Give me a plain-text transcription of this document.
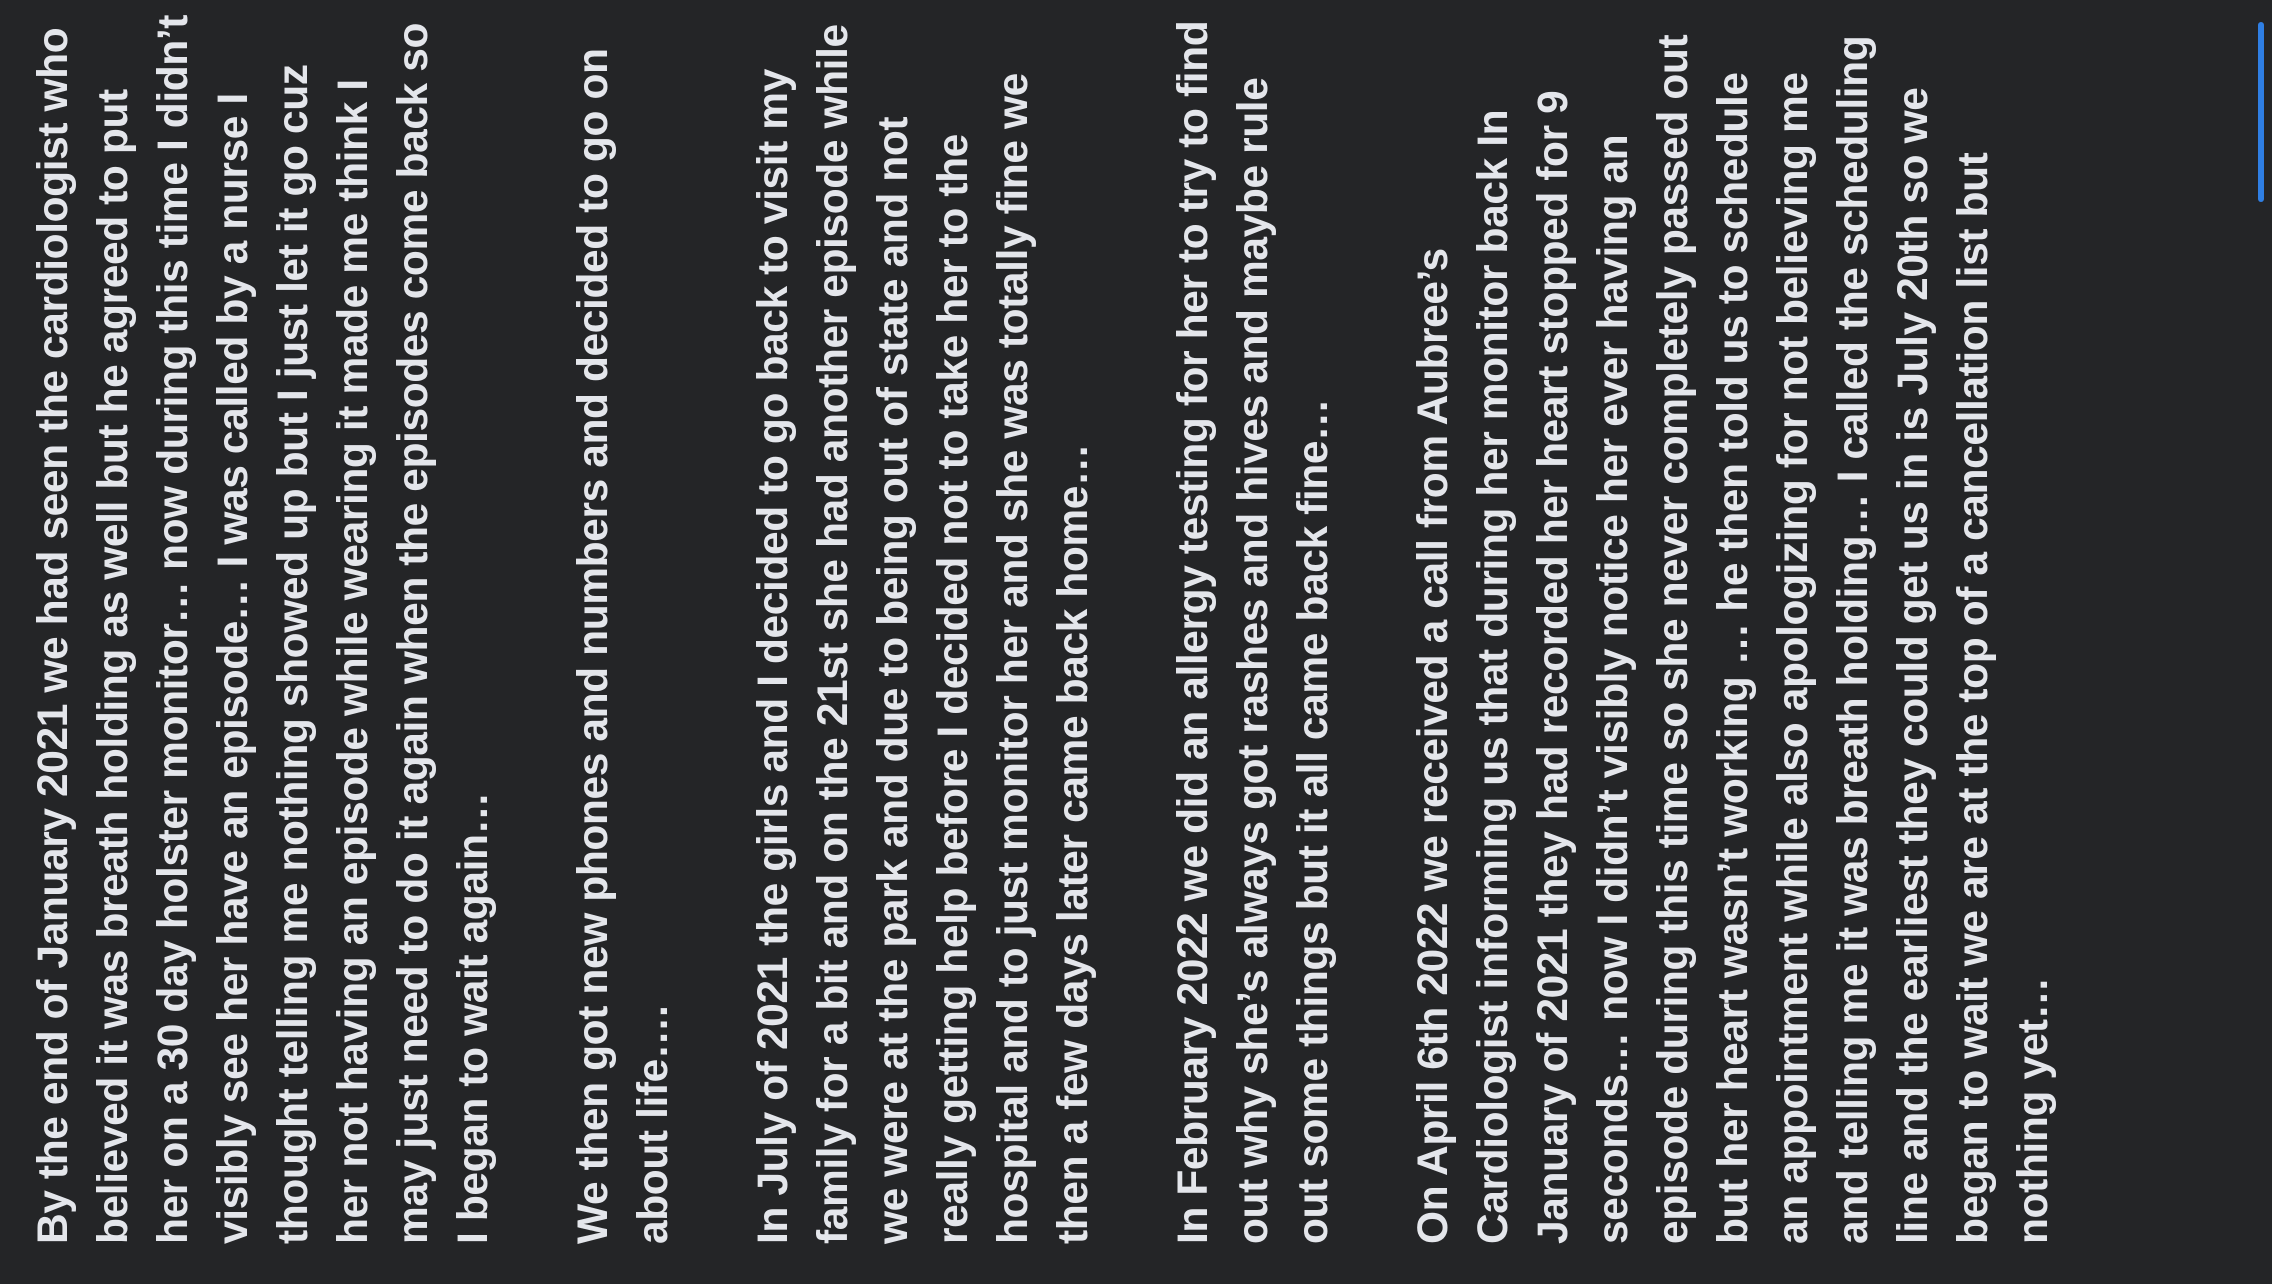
By the end of January 2021 we had seen the cardiologist who believed it was breath holding as well but he agreed to put her on a 30 day holster monitor… now during this time I didn’t visibly see her have an episode… I was called by a nurse I thought telling me nothing showed up but I just let it go cuz her not having an episode while wearing it made me think I may just need to do it again when the episodes come back so I began to wait again… We then got new phones and numbers and decided to go on about life…. In July of 2021 the girls and I decided to go back to visit my family for a bit and on the 21st she had another episode while we were at the park and due to being out of state and not really getting help before I decided not to take her to the hospital and to just monitor her and she was totally fine we then a few days later came back home… In February 2022 we did an allergy testing for her to try to find out why she’s always got rashes and hives and maybe rule out some things but it all came back fine… On April 6th 2022 we received a call from Aubree’s Cardiologist informing us that during her monitor back In January of 2021 they had recorded her heart stopped for 9 seconds… now I didn’t visibly notice her ever having an episode during this time so she never completely passed out but her heart wasn’t working … he then told us to schedule an appointment while also apologizing for not believing me and telling me it was breath holding… I called the scheduling line and the earliest they could get us in is July 20th so we began to wait we are at the top of a cancellation list but nothing yet…
